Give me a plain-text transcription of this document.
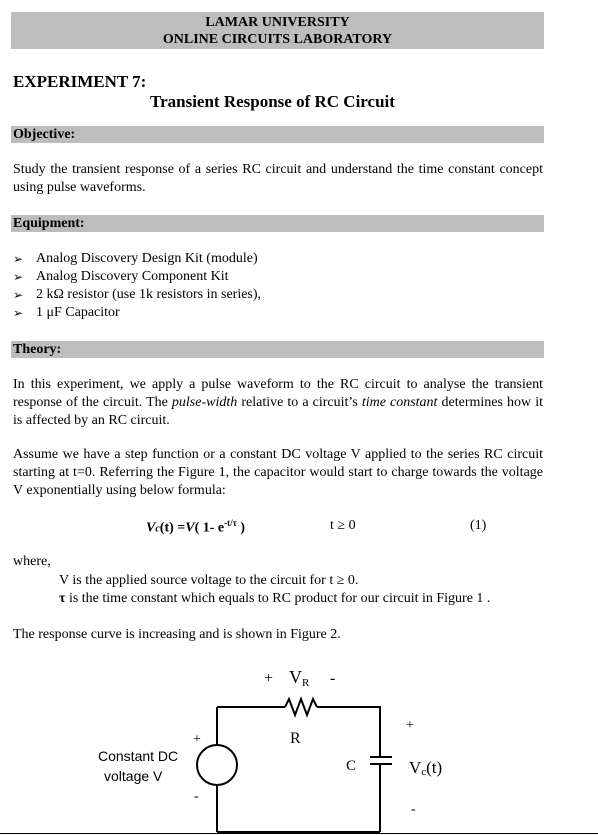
LAMAR UNIVERSITY
ONLINE CIRCUITS LABORATORY
EXPERIMENT 7:
Transient Response of RC Circuit
Objective:
Study the transient response of a series RC circuit and understand the time constant concept using pulse waveforms.
Equipment:
➢ Analog Discovery Design Kit (module)
➢ Analog Discovery Component Kit
➢ 2 kΩ resistor (use 1k resistors in series),
➢ 1 μF Capacitor
Theory:

In this experiment, we apply a pulse waveform to the RC circuit to analyse the transient response of the circuit. The pulse-width relative to a circuit’s time constant determines how it is affected by an RC circuit.

Assume we have a step function or a constant DC voltage V applied to the series RC circuit starting at t=0. Referring the Figure 1, the capacitor would start to charge towards the voltage V exponentially using below formula:
Vc(t) =V( 1- $e^{-t/\tau}$ )	t ≥ 0	(1)
where,
V is the applied source voltage to the circuit for t ≥ 0.
τ is the time constant which equals to RC product for our circuit in Figure 1 .
The response curve is increasing and is shown in Figure 2.
+ VR -
R
+
-
Constant DC
voltage V
C
+
Vc(t)
-
